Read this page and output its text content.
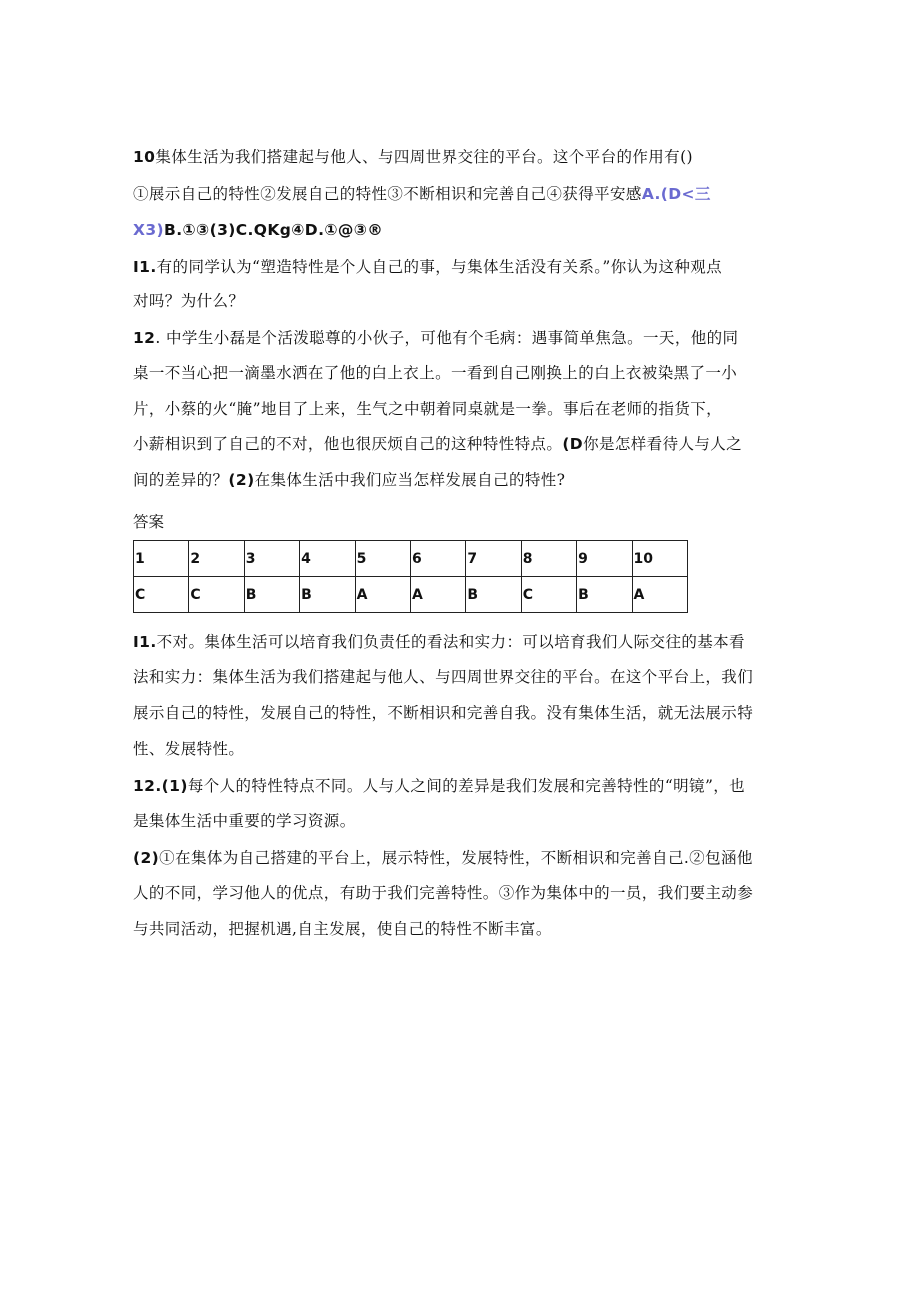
10集体生活为我们搭建起与他人、与四周世界交往的平台。这个平台的作用有()
①展示自己的特性②发展自己的特性③不断相识和完善自己④获得平安感A.(D<三
X3)B.①③(3)C.QKg④D.①@③®
I1.有的同学认为“塑造特性是个人自己的事，与集体生活没有关系。”你认为这种观点
对吗？为什么？
12. 中学生小磊是个活泼聪尊的小伙子，可他有个毛病：遇事简单焦急。一天，他的同
桌一不当心把一滴墨水洒在了他的白上衣上。一看到自己刚换上的白上衣被染黑了一小
片，小蔡的火“腌”地目了上来，生气之中朝着同桌就是一拳。事后在老师的指货下，
小薪相识到了自己的不对，他也很厌烦自己的这种特性特点。(D你是怎样看待人与人之
间的差异的？(2)在集体生活中我们应当怎样发展自己的特性?
答案
1	2	3	4	5	6	7	8	9	10
C	C	B	B	A	A	B	C	B	A
I1.不对。集体生活可以培育我们负责任的看法和实力：可以培育我们人际交往的基本看
法和实力：集体生活为我们搭建起与他人、与四周世界交往的平台。在这个平台上，我们
展示自己的特性，发展自己的特性，不断相识和完善自我。没有集体生活，就无法展示特
性、发展特性。
12.(1)每个人的特性特点不同。人与人之间的差异是我们发展和完善特性的“明镜”，也
是集体生活中重要的学习资源。
(2)①在集体为自己搭建的平台上，展示特性，发展特性，不断相识和完善自己.②包涵他
人的不同，学习他人的优点，有助于我们完善特性。③作为集体中的一员，我们要主动参
与共同活动，把握机遇,自主发展，使自己的特性不断丰富。
